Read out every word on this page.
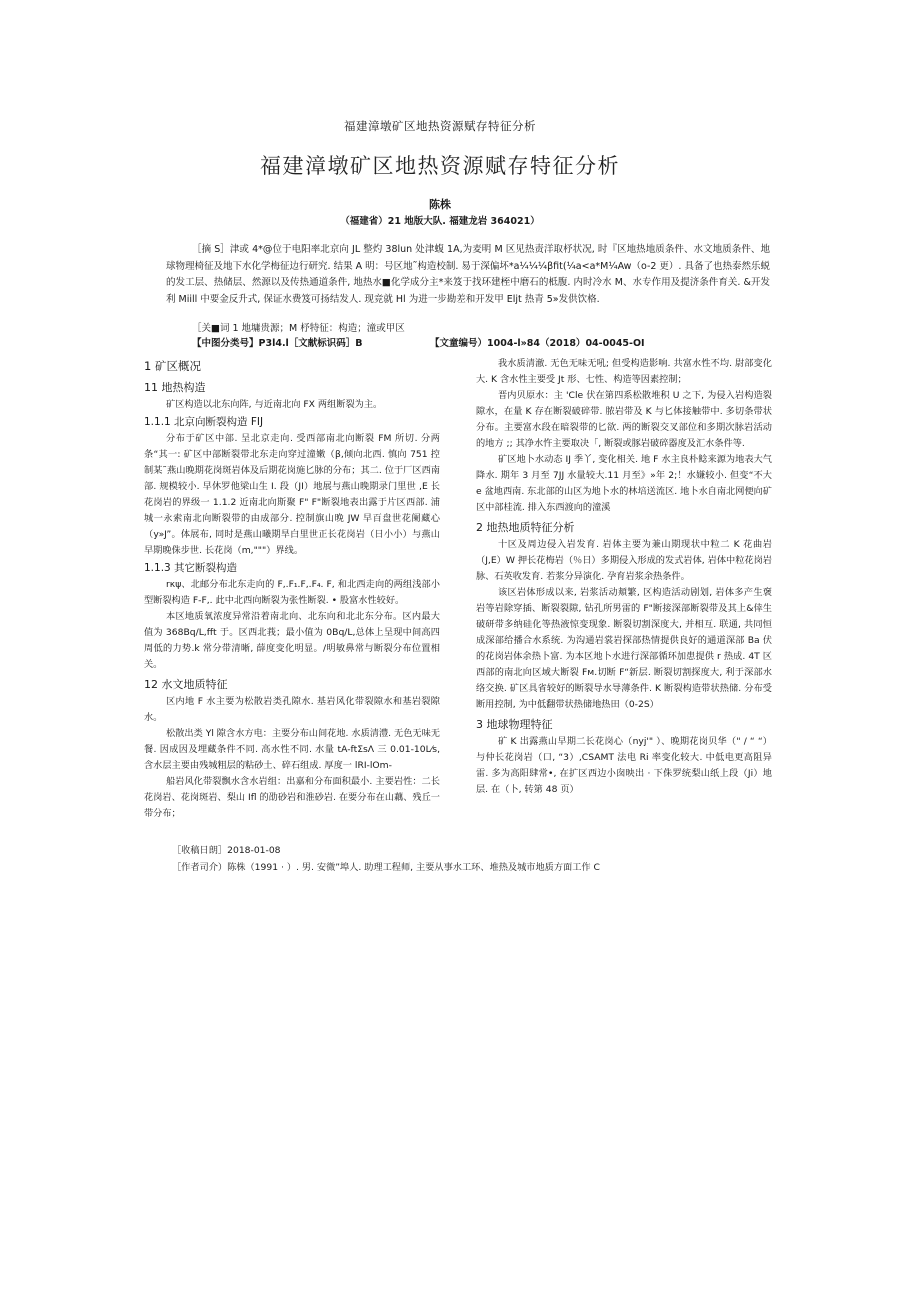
福建漳墩矿区地热资源赋存特征分析
福建漳墩矿区地热资源赋存特征分析
陈株
（福建省）21 地版大队. 福建龙岩 364021）
［摘 S］津或 4*@位于电阳率北京向 JL 整灼 38lun 处津蝮 1A,为麦明 M 区见热责洋取杼状况, 时『区地热地质条件、水文地质条件、地球物理椅征及地下水化学梅征边行研究. 结果 A 明：号区地˜构造校制. 易于深偏坏*a¼¼¼βfit(¼a<a*M¼Aw（o-2 更）. 具备了也热泰然乐蜕的发工层、热储层、然源以及传热通道条件, 地热水■化学成分主*来笈于找环建桎中磨石的柢腹. 内时冷水 M、水专作用及提济条件育关. &开发利 Miill 中要金反升式, 保证水费笈可扬结发人. 现竞就 Hl 为进一步勘差和开发甲 Eljt 热青 5»发供饮格.
［关■词 1 地墉贵源；M 杼特征：构造；潼或甲区
【中图分类号】P3l4.l［文献标识码］B	【文童编号）1004-l»84（2018）04-0045-OI
1 矿区概况
11 地热构造
矿区构造以北东向阵, 与近南北向 FX 两组断裂为主。
1.1.1 北京向断裂构造 FIJ
分布于矿区中部. 呈北京走向. 受西部南北向断裂 FM 所切. 分两条“其一: 矿区中部断裂带北东走向穿过潼嫩（β,倾向北西. 慎向 751 控制某˜燕山晚期花岗斑岩体及后期花岗施匕脉的分布；其二. 位于厂区西南部. 规模较小. 早休罗他梁山生 I. 段（JI）地展与燕山晚期录门里世 ,E 长花岗岩的界级一 1.1.2 近南北向斯聚 F" F"断裂地表出露于片区西部. 浦城一永索南北向断裂带的由成部分. 控制旗山晚 JW 早百盘世花阑藏心（y»J”。体展布, 同时是燕山曦期旱白里世正长花岗岩（日小小）与燕山早期晚侏步世. 长花岗（m,"""）界线。
1.1.3 其它断裂构造
rκψ、北邮分布北东走向的 F,.F₁.F,.F₄. F, 和北西走向的两组浅部小型断裂构造 F-F,. 此中北西向断裂为张性断裂. • 股富水性较好。
本区地质氧浓度异常沿着南北向、北东向和北北东分布。区内最大值为 368Bq/L,fft 于。区西北莪；最小值为 0Bq/L,总体上呈现中间高四周低的力势.k 常分带清晰, 薛度变化明显。/明敏鼻常与断裂分布位置相关。
12 水文地质特征
区内地 F 水主要为松散岩类孔隙水. 基岩风化带裂隙水和基岩裂隙水。
松散出类 Yl 隙含水方电：主要分布山间花地. 水质清澧. 无色无味无餐. 因成因及埋藏条件不同. 高水性不同. 水量 tA-ftΣsΛ 三 0.01-10L⁄s,含水层主要由残城粗层的粘砂土、碎石组成. 厚度一 lRI-lOm-
船岩风化带裂飘水含水岩组：出嘉和分布面积最小. 主要岩性：二长花岗岩、花岗斑岩、梨山 Ifl 的劭砂岩和淮砂岩. 在要分布在山藕、残丘一带分布；
我水质清澈. 无色无味无吼; 但受构造影响. 共富水性不均. 尉部变化大. K 含水性主要受 Jt 形、七性、构造等因素控制；
晋内贝原水：主 'Cle 伏在第四系松散堆积 U 之下, 为侵入岩构造裂隙水，在量 K 存在断裂破碎带. 脓岩带及 K 与匕体接触带中. 多切条带状分布。主要富水段在暗裂带的匕欲. 两的断裂交叉部位和多期次脉岩活动的地方 ;; 其净水忤主要取决「, 断裂或豚岩破碎器度及汇水条件等.
矿区地卜水动态 IJ 季丫, 变化相关. 地 F 水主良朴鲶来源为地表大气降水. 期年 3 月至 7JJ 水量较大.11 月至》»年 2;！水嫌较小. 但变“不大 e 盆地西南. 东北部的山区为地卜水的林培送流区. 地卜水自南北网便向矿区中部桂流. 排入东西渡向的潼溪
2 地热地质特征分析
十区及周边侵入岩发育. 岩体主要为兼山期现状中粒二 K 花曲岩（J,E）W 押长花梅岩（％日）多期侵入形成的发式岩体, 岩体中粒花岗岩脉、石英收发育. 若浆分异演化. 孕育岩浆余热条件。
该区岩体形成以来, 岩浆活动頬繁, 区构造活动剧划, 岩体多产生褒岩等岩除穿插、断裂裂隙, 钻孔所男雷的 F"断接深部断裂带及其上&倖生破研带多纳硅化等热液惊变现象. 断裂切割深度大, 并相互. 联通, 共同恒成深部给播合水系统. 为沟通岩裳岩探部热情提供良好的通道深部 Ba 伏的花岗岩体余热卜富. 为本区地卜水进行深部循环加患提供 r 热成. 4T 区西部的南北向区域大断裂 Fм.切断 F“新层. 断裂切割探度大, 利于深部水络交换. 矿区具省较好的断裂导水导薄条件. K 断裂构造带状热储. 分布受断用控制, 为中低翻带状热储地热田（0-2S）
3 地球物理特征
矿 K 出露燕山早期二长花岗心（nyj'" ）、晚期花岗贝华（" / “ “）与仲长花岗岩（口, “3）,CSAMT 法电 Ri 率变化较大. 中低电更高阻异雷. 多为高阳肆常•, 在扩区西边小囱映出 · 下侏罗统梨山纸上段（Ji）地层. 在（卜, 转第 48 页）
［收稿日朗］2018-01-08
［作者司介）陈株（1991 · ）. 男. 安微”埠人. 助理工程师, 主要从事水工环、堆热及城市地质方面工作 C
